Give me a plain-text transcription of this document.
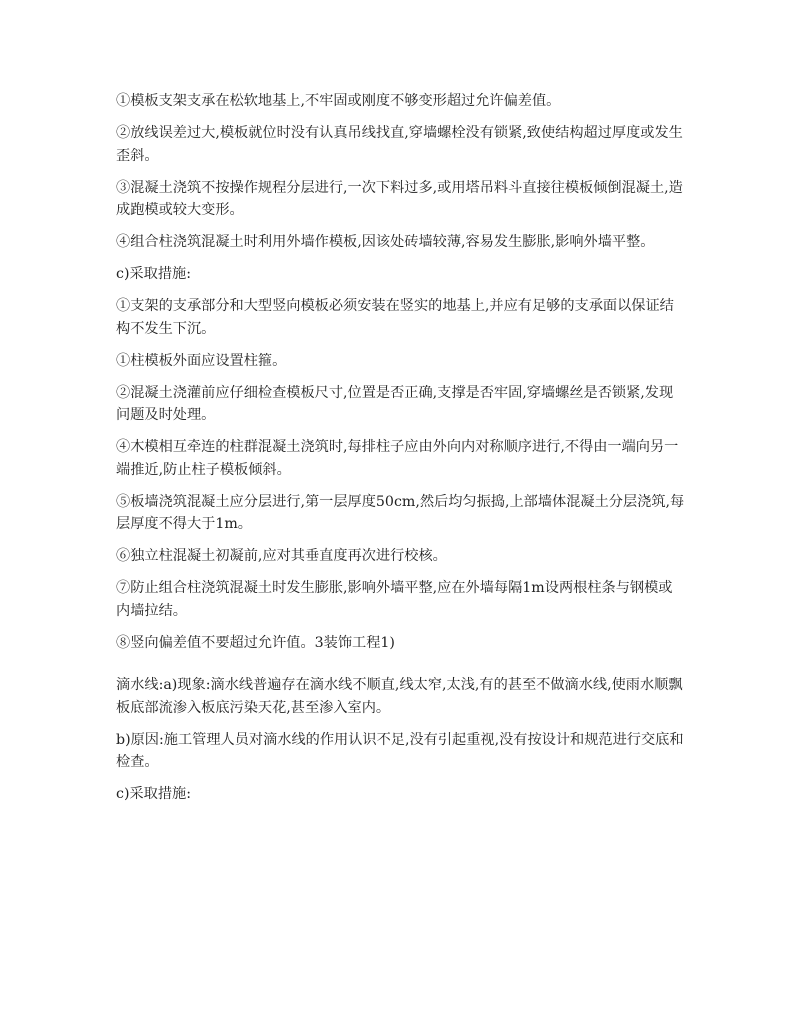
①模板支架支承在松软地基上,不牢固或刚度不够变形超过允许偏差值。

②放线误差过大,模板就位时没有认真吊线找直,穿墙螺栓没有锁紧,致使结构超过厚度或发生歪斜。

③混凝土浇筑不按操作规程分层进行,一次下料过多,或用塔吊料斗直接往模板倾倒混凝土,造成跑模或较大变形。

④组合柱浇筑混凝土时利用外墙作模板,因该处砖墙较薄,容易发生膨胀,影响外墙平整。

c)采取措施:

①支架的支承部分和大型竖向模板必须安装在竖实的地基上,并应有足够的支承面以保证结构不发生下沉。

①柱模板外面应设置柱箍。

②混凝土浇灌前应仔细检查模板尺寸,位置是否正确,支撑是否牢固,穿墙螺丝是否锁紧,发现问题及时处理。

④木模相互牵连的柱群混凝土浇筑时,每排柱子应由外向内对称顺序进行,不得由一端向另一端推近,防止柱子模板倾斜。

⑤板墙浇筑混凝土应分层进行,第一层厚度50cm,然后均匀振捣,上部墙体混凝土分层浇筑,每层厚度不得大于1m。

⑥独立柱混凝土初凝前,应对其垂直度再次进行校核。

⑦防止组合柱浇筑混凝土时发生膨胀,影响外墙平整,应在外墙每隔1m设两根柱条与钢模或内墙拉结。

⑧竖向偏差值不要超过允许值。3装饰工程1)

滴水线:a)现象:滴水线普遍存在滴水线不顺直,线太窄,太浅,有的甚至不做滴水线,使雨水顺飘板底部流渗入板底污染天花,甚至渗入室内。

b)原因:施工管理人员对滴水线的作用认识不足,没有引起重视,没有按设计和规范进行交底和检查。

c)采取措施:
